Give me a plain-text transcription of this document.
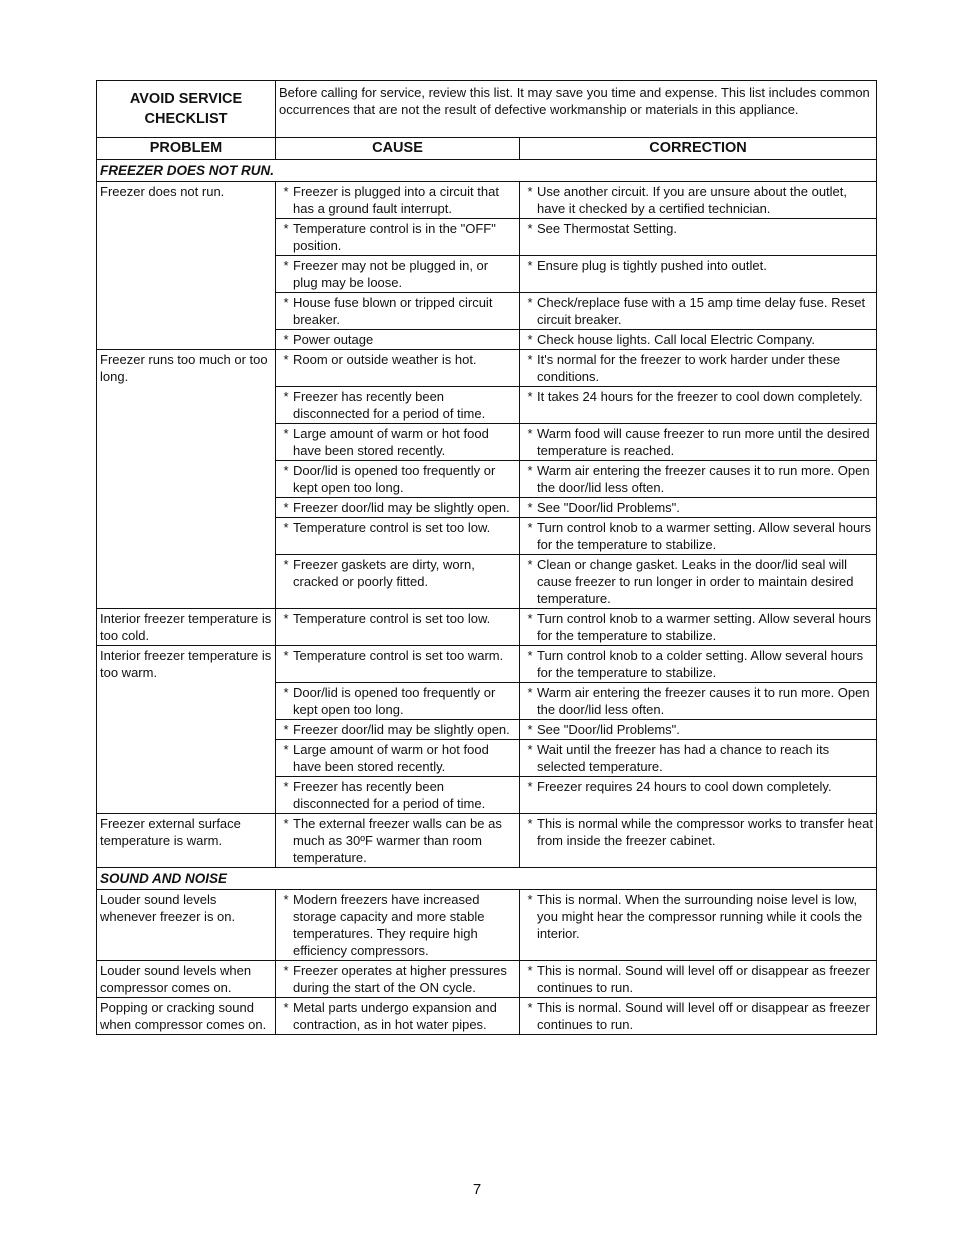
AVOID SERVICE CHECKLIST	Before calling for service, review this list. It may save you time and expense. This list includes common occurrences that are not the result of defective workmanship or materials in this appliance.	
PROBLEM	CAUSE	CORRECTION
FREEZER DOES NOT RUN.		
Freezer does not run.	* Freezer is plugged into a circuit that has a ground fault interrupt.	* Use another circuit. If you are unsure about the outlet, have it checked by a certified technician.

	* Temperature control is in the "OFF" position.	* See Thermostat Setting.

	* Freezer may not be plugged in, or plug may be loose.	* Ensure plug is tightly pushed into outlet.

	* House fuse blown or tripped circuit breaker.	* Check/replace fuse with a 15 amp time delay fuse. Reset circuit breaker.

	* Power outage	* Check house lights. Call local Electric Company.

Freezer runs too much or too long.	* Room or outside weather is hot.	* It's normal for the freezer to work harder under these conditions.

	* Freezer has recently been disconnected for a period of time.	* It takes 24 hours for the freezer to cool down completely.

	* Large amount of warm or hot food have been stored recently.	* Warm food will cause freezer to run more until the desired temperature is reached.

	* Door/lid is opened too frequently or kept open too long.	* Warm air entering the freezer causes it to run more. Open the door/lid less often.

	* Freezer door/lid may be slightly open.	* See "Door/lid Problems".

	* Temperature control is set too low.	* Turn control knob to a warmer setting. Allow several hours for the temperature to stabilize.

	* Freezer gaskets are dirty, worn, cracked or poorly fitted.	* Clean or change gasket. Leaks in the door/lid seal will cause freezer to run longer in order to maintain desired temperature.

Interior freezer temperature is too cold.	* Temperature control is set too low.	* Turn control knob to a warmer setting. Allow several hours for the temperature to stabilize.

Interior freezer temperature is too warm.	* Temperature control is set too warm.	* Turn control knob to a colder setting. Allow several hours for the temperature to stabilize.

	* Door/lid is opened too frequently or kept open too long.	* Warm air entering the freezer causes it to run more. Open the door/lid less often.

	* Freezer door/lid may be slightly open.	* See "Door/lid Problems".

	* Large amount of warm or hot food have been stored recently.	* Wait until the freezer has had a chance to reach its selected temperature.

	* Freezer has recently been disconnected for a period of time.	* Freezer requires 24 hours to cool down completely.

Freezer external surface temperature is warm.	* The external freezer walls can be as much as 30ºF warmer than room temperature.	* This is normal while the compressor works to transfer heat from inside the freezer cabinet.

SOUND AND NOISE		
Louder sound levels whenever freezer is on.	* Modern freezers have increased storage capacity and more stable temperatures. They require high efficiency compressors.	* This is normal. When the surrounding noise level is low, you might hear the compressor running while it cools the interior.

Louder sound levels when compressor comes on.	* Freezer operates at higher pressures during the start of the ON cycle.	* This is normal. Sound will level off or disappear as freezer continues to run.

Popping or cracking sound when compressor comes on.	* Metal parts undergo expansion and contraction, as in hot water pipes.	* This is normal. Sound will level off or disappear as freezer continues to run.
7
